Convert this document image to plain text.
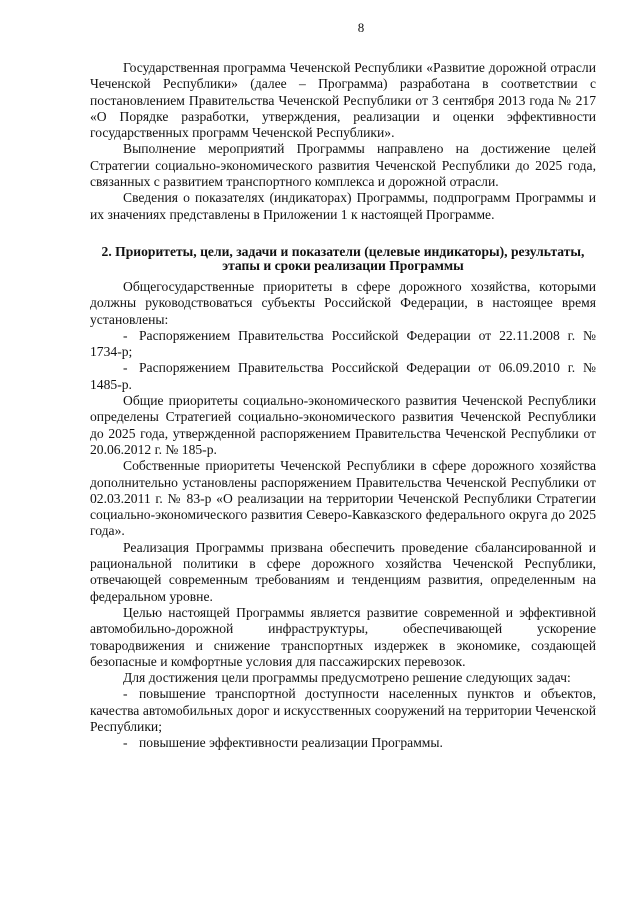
8

Государственная программа Чеченской Республики «Развитие дорожной отрасли Чеченской Республики» (далее – Программа) разработана в соответствии с постановлением Правительства Чеченской Республики от 3 сентября 2013 года № 217 «О Порядке разработки, утверждения, реализации и оценки эффективности государственных программ Чеченской Республики».

Выполнение мероприятий Программы направлено на достижение целей Стратегии социально-экономического развития Чеченской Республики до 2025 года, связанных с развитием транспортного комплекса и дорожной отрасли.

Сведения о показателях (индикаторах) Программы, подпрограмм Программы и их значениях представлены в Приложении 1 к настоящей Программе.

2. Приоритеты, цели, задачи и показатели (целевые индикаторы), результаты, этапы и сроки реализации Программы

Общегосударственные приоритеты в сфере дорожного хозяйства, которыми должны руководствоваться субъекты Российской Федерации, в настоящее время установлены:

- Распоряжением Правительства Российской Федерации от 22.11.2008 г. № 1734-р;

- Распоряжением Правительства Российской Федерации от 06.09.2010 г. № 1485-р.

Общие приоритеты социально-экономического развития Чеченской Республики определены Стратегией социально-экономического развития Чеченской Республики до 2025 года, утвержденной распоряжением Правительства Чеченской Республики от 20.06.2012 г. № 185-р.

Собственные приоритеты Чеченской Республики в сфере дорожного хозяйства дополнительно установлены распоряжением Правительства Чеченской Республики от 02.03.2011 г. № 83-р «О реализации на территории Чеченской Республики Стратегии социально-экономического развития Северо-Кавказского федерального округа до 2025 года».

Реализация Программы призвана обеспечить проведение сбалансированной и рациональной политики в сфере дорожного хозяйства Чеченской Республики, отвечающей современным требованиям и тенденциям развития, определенным на федеральном уровне.

Целью настоящей Программы является развитие современной и эффективной автомобильно-дорожной инфраструктуры, обеспечивающей ускорение товародвижения и снижение транспортных издержек в экономике, создающей безопасные и комфортные условия для пассажирских перевозок.

Для достижения цели программы предусмотрено решение следующих задач:

- повышение транспортной доступности населенных пунктов и объектов, качества автомобильных дорог и искусственных сооружений на территории Чеченской Республики;

- повышение эффективности реализации Программы.
